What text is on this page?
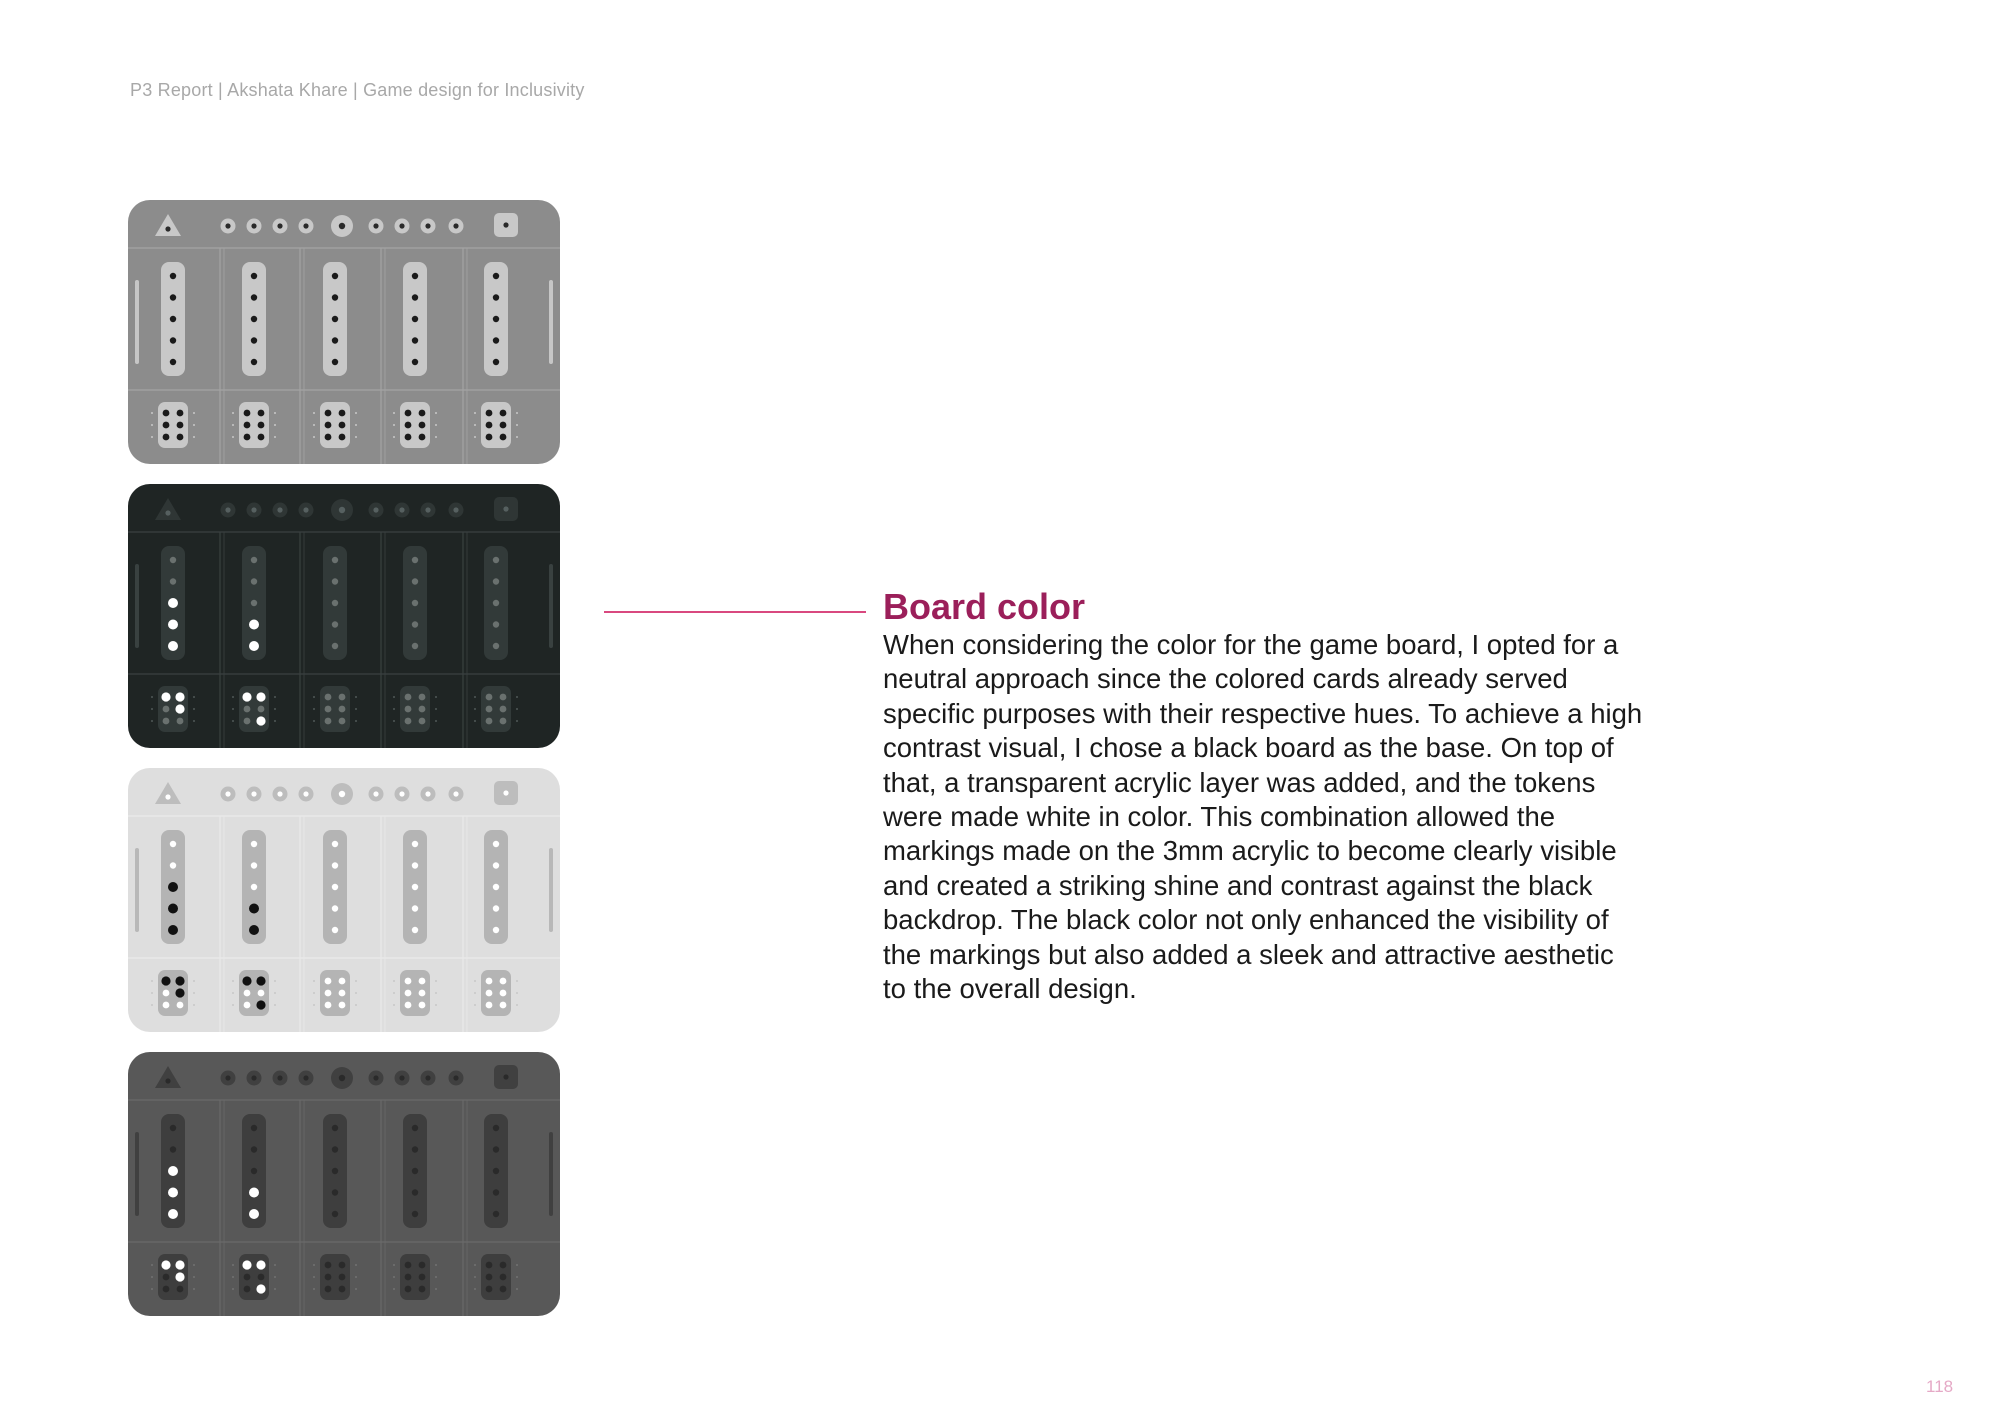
P3 Report | Akshata Khare | Game design for Inclusivity
Board color
When considering the color for the game board, I opted for a neutral approach since the colored cards already served specific purposes with their respective hues. To achieve a high contrast visual, I chose a black board as the base. On top of that, a transparent acrylic layer was added, and the tokens were made white in color. This combination allowed the markings made on the 3mm acrylic to become clearly visible and created a striking shine and contrast against the black backdrop. The black color not only enhanced the visibility of the markings but also added a sleek and attractive aesthetic to the overall design.
118
